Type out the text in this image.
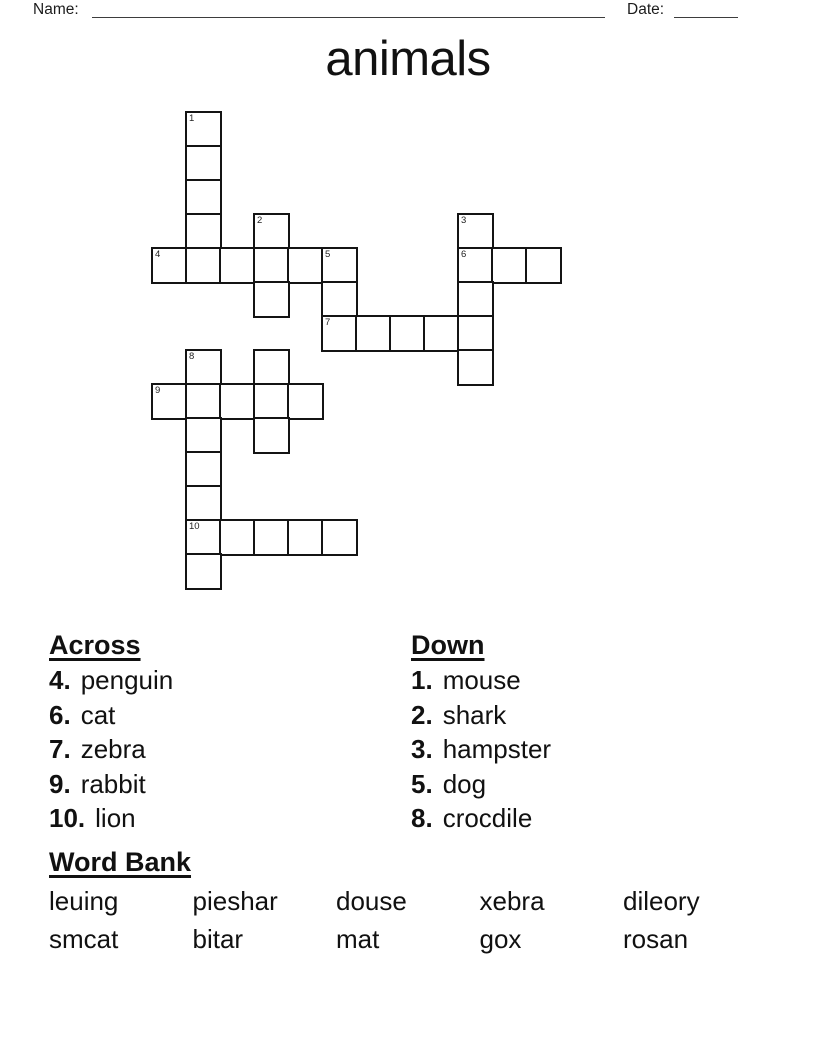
Name:	Date:
animals
1
2	3
4	5	6
7
8
9
10
Across
4. penguin
6. cat
7. zebra
9. rabbit
10. lion
Down
1. mouse
2. shark
3. hampster
5. dog
8. crocdile
Word Bank
leuing	pieshar	douse	xebra	dileory
smcat	bitar	mat	gox	rosan
